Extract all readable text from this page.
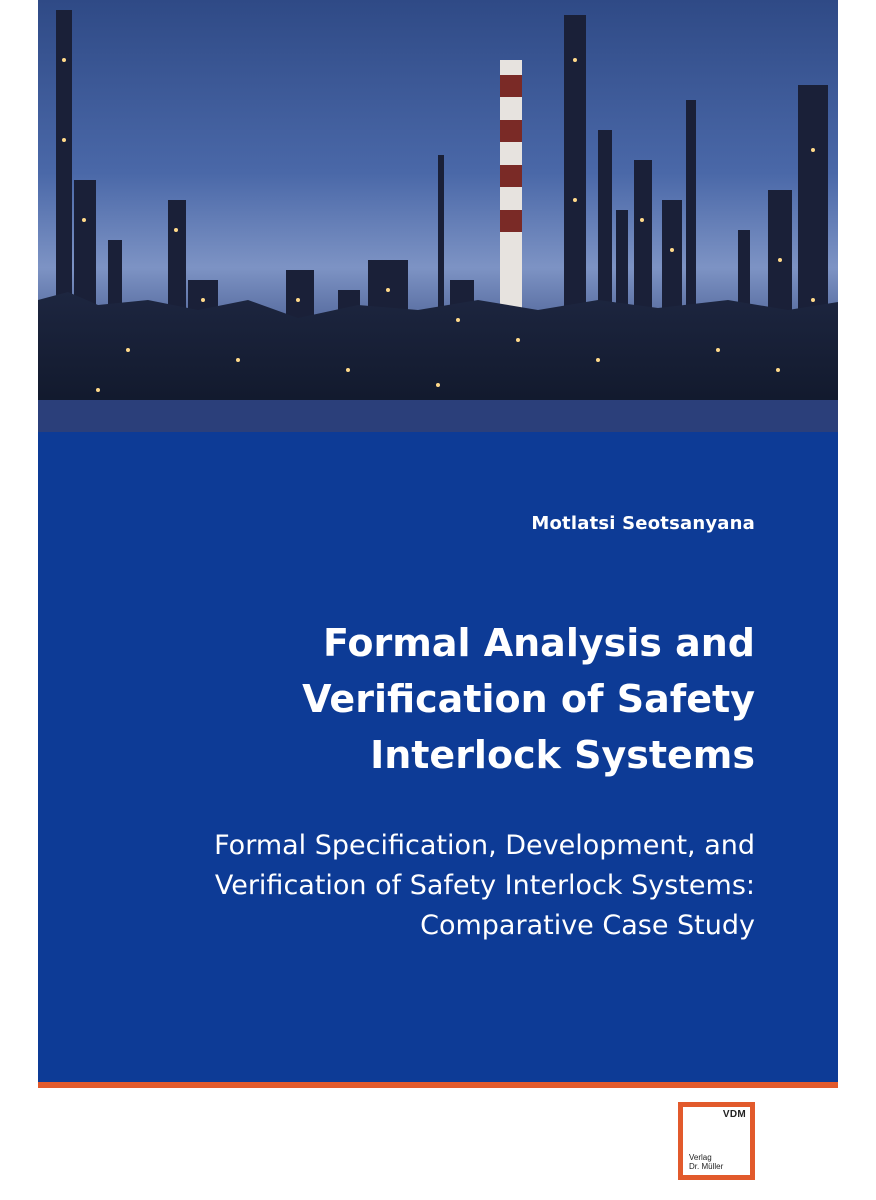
Motlatsi Seotsanyana
Formal Analysis and Verification of Safety Interlock Systems
Formal Specification, Development, and Verification of Safety Interlock Systems: Comparative Case Study
VDM
Verlag
Dr. Müller
